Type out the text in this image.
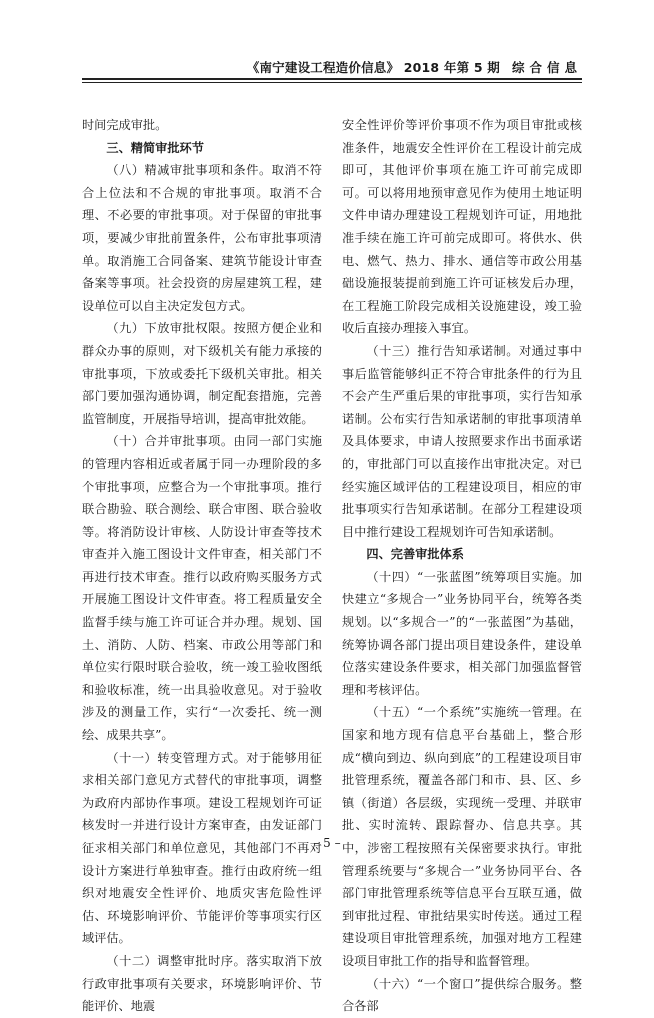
《南宁建设工程造价信息》 2018 年第 5 期 综合信息

时间完成审批。

三、精简审批环节

（八）精减审批事项和条件。取消不符合上位法和不合规的审批事项。取消不合理、不必要的审批事项。对于保留的审批事项，要减少审批前置条件，公布审批事项清单。取消施工合同备案、建筑节能设计审查备案等事项。社会投资的房屋建筑工程，建设单位可以自主决定发包方式。

（九）下放审批权限。按照方便企业和群众办事的原则，对下级机关有能力承接的审批事项，下放或委托下级机关审批。相关部门要加强沟通协调，制定配套措施，完善监管制度，开展指导培训，提高审批效能。

（十）合并审批事项。由同一部门实施的管理内容相近或者属于同一办理阶段的多个审批事项，应整合为一个审批事项。推行联合勘验、联合测绘、联合审图、联合验收等。将消防设计审核、人防设计审查等技术审查并入施工图设计文件审查，相关部门不再进行技术审查。推行以政府购买服务方式开展施工图设计文件审查。将工程质量安全监督手续与施工许可证合并办理。规划、国土、消防、人防、档案、市政公用等部门和单位实行限时联合验收，统一竣工验收图纸和验收标准，统一出具验收意见。对于验收涉及的测量工作，实行“一次委托、统一测绘、成果共享”。

（十一）转变管理方式。对于能够用征求相关部门意见方式替代的审批事项，调整为政府内部协作事项。建设工程规划许可证核发时一并进行设计方案审查，由发证部门征求相关部门和单位意见，其他部门不再对设计方案进行单独审查。推行由政府统一组织对地震安全性评价、地质灾害危险性评估、环境影响评价、节能评价等事项实行区域评估。

（十二）调整审批时序。落实取消下放行政审批事项有关要求，环境影响评价、节能评价、地震

安全性评价等评价事项不作为项目审批或核准条件，地震安全性评价在工程设计前完成即可，其他评价事项在施工许可前完成即可。可以将用地预审意见作为使用土地证明文件申请办理建设工程规划许可证，用地批准手续在施工许可前完成即可。将供水、供电、燃气、热力、排水、通信等市政公用基础设施报装提前到施工许可证核发后办理，在工程施工阶段完成相关设施建设，竣工验收后直接办理接入事宜。

（十三）推行告知承诺制。对通过事中事后监管能够纠正不符合审批条件的行为且不会产生严重后果的审批事项，实行告知承诺制。公布实行告知承诺制的审批事项清单及具体要求，申请人按照要求作出书面承诺的，审批部门可以直接作出审批决定。对已经实施区域评估的工程建设项目，相应的审批事项实行告知承诺制。在部分工程建设项目中推行建设工程规划许可告知承诺制。

四、完善审批体系

（十四）“一张蓝图”统筹项目实施。加快建立“多规合一”业务协同平台，统筹各类规划。以“多规合一”的“一张蓝图”为基础，统筹协调各部门提出项目建设条件，建设单位落实建设条件要求，相关部门加强监督管理和考核评估。

（十五）“一个系统”实施统一管理。在国家和地方现有信息平台基础上，整合形成“横向到边、纵向到底”的工程建设项目审批管理系统，覆盖各部门和市、县、区、乡镇（街道）各层级，实现统一受理、并联审批、实时流转、跟踪督办、信息共享。其中，涉密工程按照有关保密要求执行。审批管理系统要与“多规合一”业务协同平台、各部门审批管理系统等信息平台互联互通，做到审批过程、审批结果实时传送。通过工程建设项目审批管理系统，加强对地方工程建设项目审批工作的指导和监督管理。

（十六）“一个窗口”提供综合服务。整合各部

– 5 –
